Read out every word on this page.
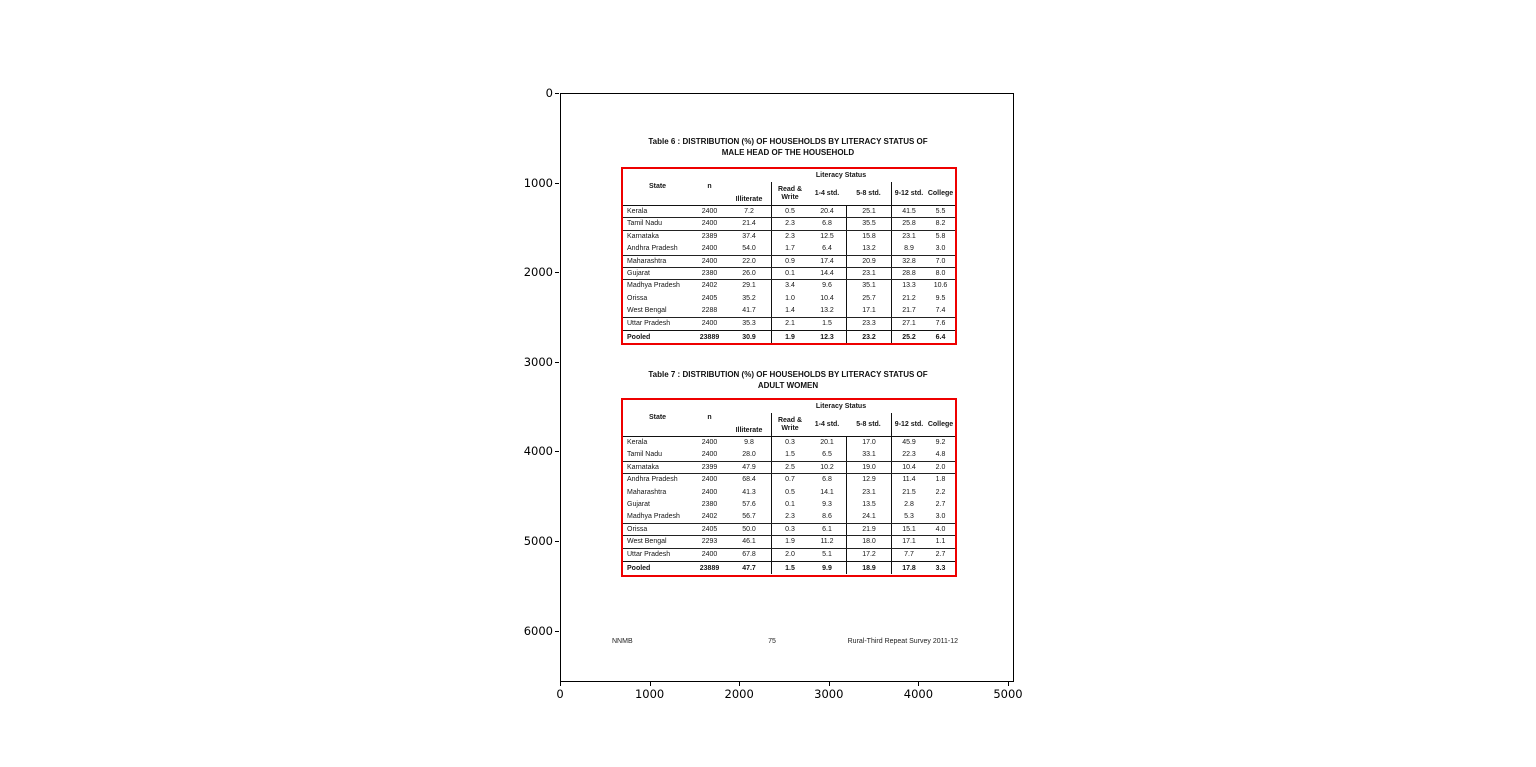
0	1000	2000	3000	4000	5000
0
1000
2000
3000
4000
5000
6000
Table 6 : DISTRIBUTION (%) OF HOUSEHOLDS BY LITERACY STATUS OF
MALE HEAD OF THE HOUSEHOLD
Literacy Status
State	n
Illiterate
Read & Write
1-4 std.	5-8 std.	9-12 std. College
Kerala	2400	7.2	0.5	20.4	25.1	41.5	5.5
Tamil Nadu	2400	21.4	2.3	6.8	35.5	25.8	8.2
Karnataka	2389	37.4	2.3	12.5	15.8	23.1	5.8
Andhra Pradesh	2400	54.0	1.7	6.4	13.2	8.9	3.0
Maharashtra	2400	22.0	0.9	17.4	20.9	32.8	7.0
Gujarat	2380	26.0	0.1	14.4	23.1	28.8	8.0
Madhya Pradesh	2402	29.1	3.4	9.6	35.1	13.3	10.6
Orissa	2405	35.2	1.0	10.4	25.7	21.2	9.5
West Bengal	2288	41.7	1.4	13.2	17.1	21.7	7.4
Uttar Pradesh	2400	35.3	2.1	1.5	23.3	27.1	7.6
Pooled	23889	30.9	1.9	12.3	23.2	25.2	6.4
Table 7 : DISTRIBUTION (%) OF HOUSEHOLDS BY LITERACY STATUS OF
ADULT WOMEN
Literacy Status
State	n
Illiterate
Read & Write
1-4 std.	5-8 std.	9-12 std. College
Kerala	2400	9.8	0.3	20.1	17.0	45.9	9.2
Tamil Nadu	2400	28.0	1.5	6.5	33.1	22.3	4.8
Karnataka	2399	47.9	2.5	10.2	19.0	10.4	2.0
Andhra Pradesh	2400	68.4	0.7	6.8	12.9	11.4	1.8
Maharashtra	2400	41.3	0.5	14.1	23.1	21.5	2.2
Gujarat	2380	57.6	0.1	9.3	13.5	2.8	2.7
Madhya Pradesh	2402	56.7	2.3	8.6	24.1	5.3	3.0
Orissa	2405	50.0	0.3	6.1	21.9	15.1	4.0
West Bengal	2293	46.1	1.9	11.2	18.0	17.1	1.1
Uttar Pradesh	2400	67.8	2.0	5.1	17.2	7.7	2.7
Pooled	23889	47.7	1.5	9.9	18.9	17.8	3.3
NNMB	75	Rural-Third Repeat Survey 2011-12
